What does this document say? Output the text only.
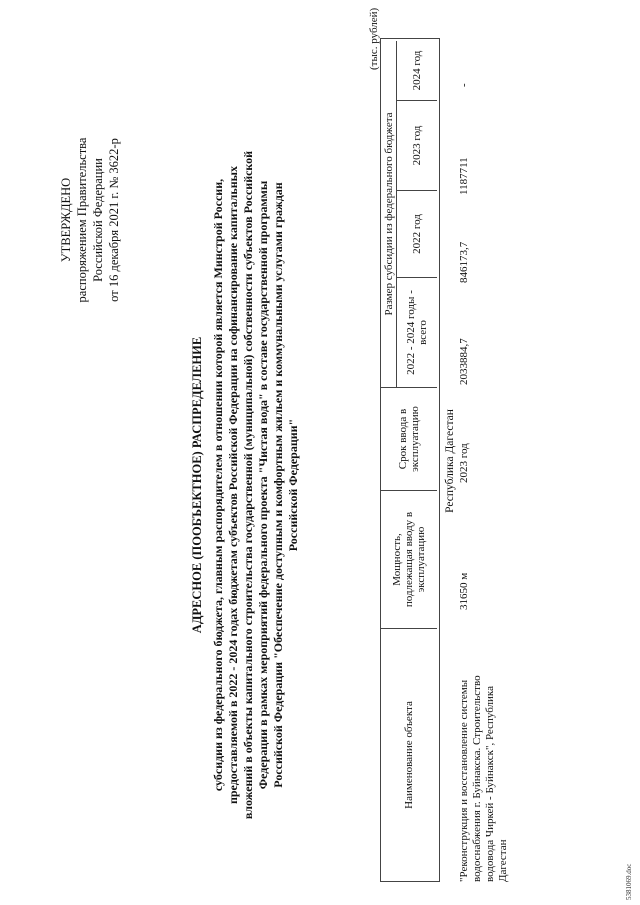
УТВЕРЖДЕНО распоряжением Правительства Российской Федерации от 16 декабря 2021 г. № 3622-р
АДРЕСНОЕ (ПООБЪЕКТНОЕ) РАСПРЕДЕЛЕНИЕ субсидии из федерального бюджета, главным распорядителем в отношении которой является Минстрой России, предоставляемой в 2022 - 2024 годах бюджетам субъектов Российской Федерации на софинансирование капитальных вложений в объекты капитального строительства государственной (муниципальной) собственности субъектов Российской Федерации в рамках мероприятий федерального проекта "Чистая вода" в составе государственной программы Российской Федерации "Обеспечение доступным и комфортным жильем и коммунальными услугами граждан Российской Федерации"
(тыс. рублей)
Наименование объекта
Мощность, подлежащая вводу в эксплуатацию
Срок ввода в эксплуатацию
Размер субсидии из федерального бюджета
2022 - 2024 годы - всего
2022 год
2023 год
2024 год
Республика Дагестан
"Реконструкция и восстановление системы водоснабжения г. Буйнакска. Строительство водовода Чиркей - Буйнакск", Республика Дагестан
31650 м
2023 год
2033884,7
846173,7
1187711
-
5381069.doc
